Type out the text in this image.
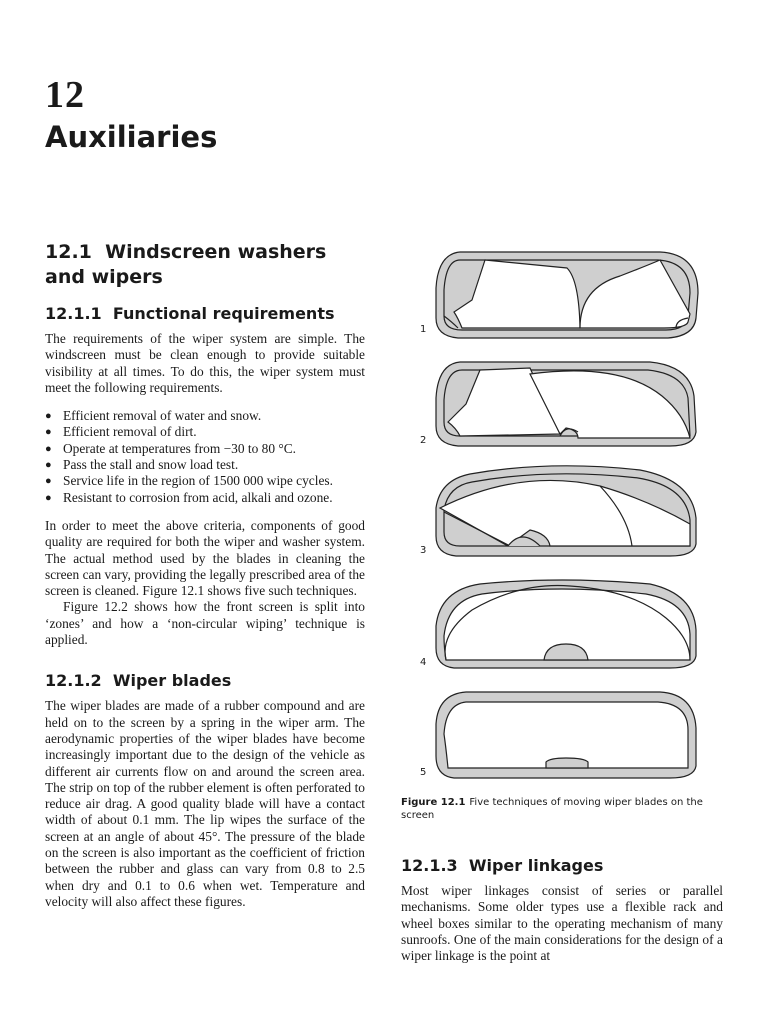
12
Auxiliaries
12.1 Windscreen washers and wipers
12.1.1 Functional requirements

The requirements of the wiper system are simple. The windscreen must be clean enough to provide suitable visibility at all times. To do this, the wiper system must meet the following requirements.

● Efficient removal of water and snow.
● Efficient removal of dirt.
● Operate at temperatures from −30 to 80 °C.
● Pass the stall and snow load test.
● Service life in the region of 1500 000 wipe cycles.
● Resistant to corrosion from acid, alkali and ozone.

In order to meet the above criteria, components of good quality are required for both the wiper and washer system. The actual method used by the blades in cleaning the screen can vary, providing the legally prescribed area of the screen is cleaned. Figure 12.1 shows five such techniques.

Figure 12.2 shows how the front screen is split into ‘zones’ and how a ‘non-circular wiping’ technique is applied.

12.1.2 Wiper blades

The wiper blades are made of a rubber compound and are held on to the screen by a spring in the wiper arm. The aerodynamic properties of the wiper blades have become increasingly important due to the design of the vehicle as different air currents flow on and around the screen area. The strip on top of the rubber element is often perforated to reduce air drag. A good quality blade will have a contact width of about 0.1 mm. The lip wipes the surface of the screen at an angle of about 45°. The pressure of the blade on the screen is also important as the coefficient of friction between the rubber and glass can vary from 0.8 to 2.5 when dry and 0.1 to 0.6 when wet. Temperature and velocity will also affect these figures.

1
2
3
4
5
Figure 12.1 Five techniques of moving wiper blades on the screen
12.1.3 Wiper linkages

Most wiper linkages consist of series or parallel mechanisms. Some older types use a flexible rack and wheel boxes similar to the operating mechanism of many sunroofs. One of the main considerations for the design of a wiper linkage is the point at
